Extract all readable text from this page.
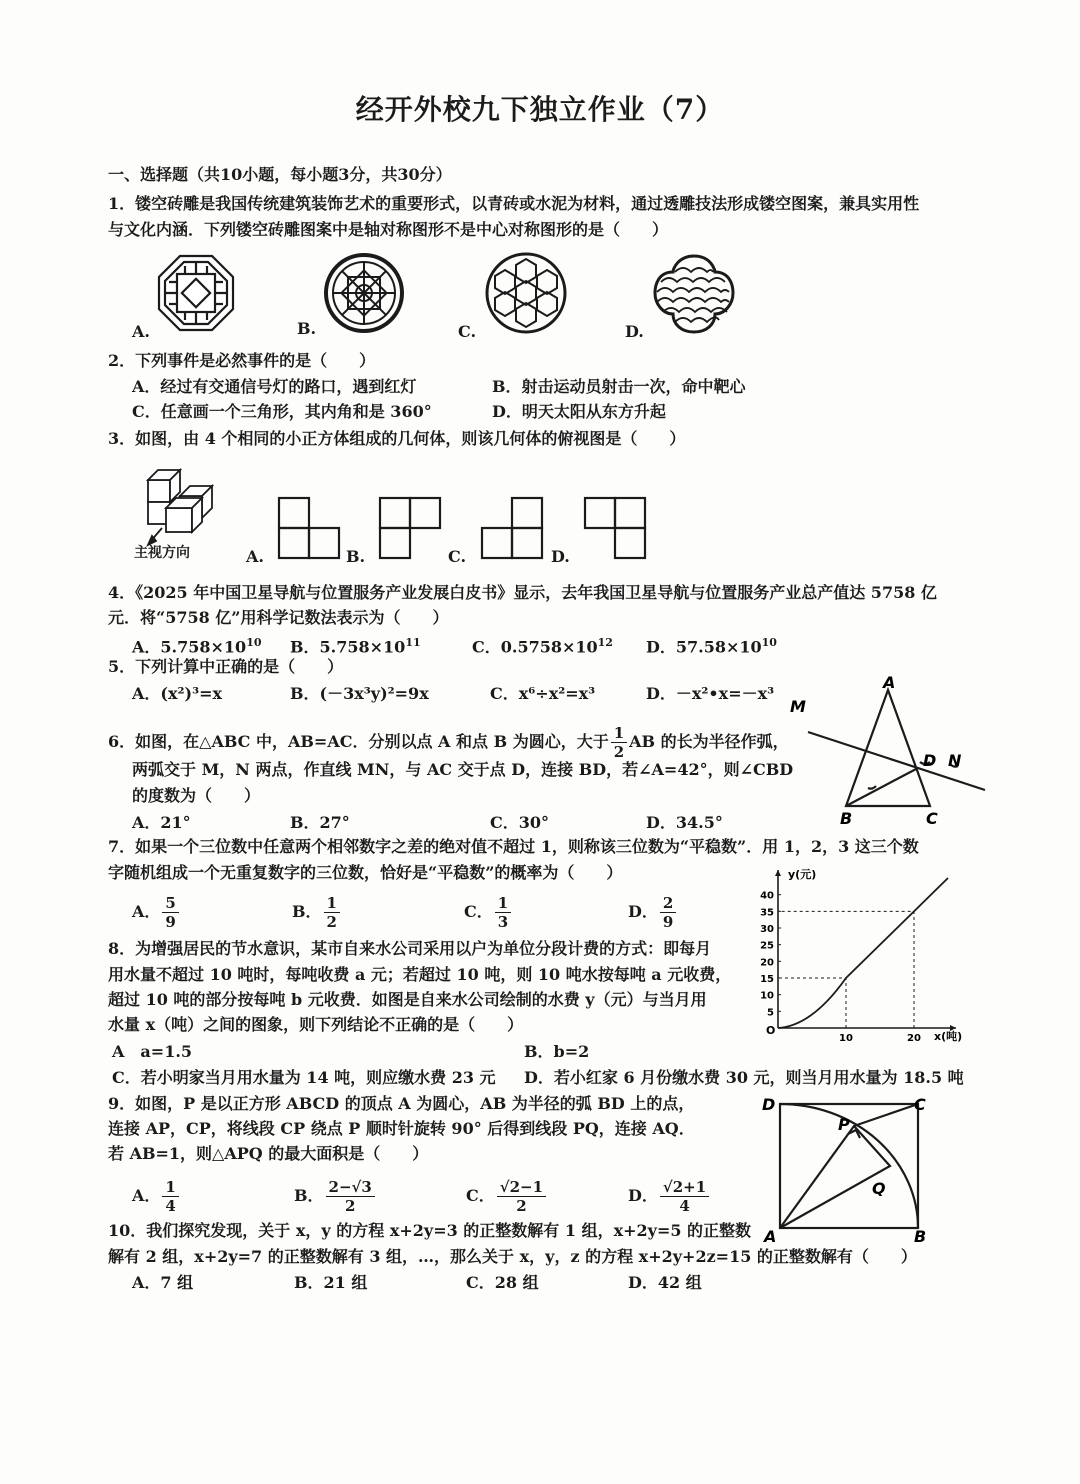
经开外校九下独立作业（7）
一、选择题（共10小题，每小题3分，共30分）
1．镂空砖雕是我国传统建筑装饰艺术的重要形式，以青砖或水泥为材料，通过透雕技法形成镂空图案，兼具实用性
与文化内涵．下列镂空砖雕图案中是轴对称图形不是中心对称图形的是（　　）
A.	B.	C.	D.
2．下列事件是必然事件的是（　　）
A．经过有交通信号灯的路口，遇到红灯	B．射击运动员射击一次，命中靶心
C．任意画一个三角形，其内角和是 360°	D．明天太阳从东方升起
3．如图，由 4 个相同的小正方体组成的几何体，则该几何体的俯视图是（　　）
主视方向	A.	B.	C.	D.
4．《2025 年中国卫星导航与位置服务产业发展白皮书》显示，去年我国卫星导航与位置服务产业总产值达 5758 亿
元．将“5758 亿”用科学记数法表示为（　　）
A．$5.758\times 10^{10}$ B．$5.758\times 10^{11}$	C．$0.5758\times 10^{12}$ D．$57.58\times 10^{10}$
5．下列计算中正确的是（　　）
A．(x²)³=x	B．(－3x³y)²=9x	C．x⁶÷x²=x³	D．－x²•x=－x³
6．如图，在△ABC 中，AB=AC．分别以点 A 和点 B 为圆心，大于 $\frac{1}{2}$ AB 的长为半径作弧，
两弧交于 M，N 两点，作直线 MN，与 AC 交于点 D，连接 BD，若∠A=42°，则∠CBD
的度数为（　　）
A．21°	B．27°	C．30°	D．34.5°
A
B	C
D
M
N
7．如果一个三位数中任意两个相邻数字之差的绝对值不超过 1，则称该三位数为“平稳数”．用 1，2，3 这三个数
字随机组成一个无重复数字的三位数，恰好是“平稳数”的概率为（　　）
A． $\frac{5}{9}$	B． $\frac{1}{2}$	C． $\frac{1}{3}$	D． $\frac{2}{9}$
8．为增强居民的节水意识，某市自来水公司采用以户为单位分段计费的方式：即每月
用水量不超过 10 吨时，每吨收费 a 元；若超过 10 吨，则 10 吨水按每吨 a 元收费，
超过 10 吨的部分按每吨 b 元收费．如图是自来水公司绘制的水费 y（元）与当月用
水量 x（吨）之间的图象，则下列结论不正确的是（　　）
A　a=1.5	B．b=2
C．若小明家当月用水量为 14 吨，则应缴水费 23 元 D．若小红家 6 月份缴水费 30 元，则当月用水量为 18.5 吨
5
10
15
20
25
30
35
40
10	20
y(元)
x(吨)
O
9．如图，P 是以正方形 ABCD 的顶点 A 为圆心，AB 为半径的弧 BD 上的点，
连接 AP，CP，将线段 CP 绕点 P 顺时针旋转 90° 后得到线段 PQ，连接 AQ．
若 AB=1，则△APQ 的最大面积是（　　）
A． $\frac{1}{4}$	B． $\frac{2-√3}{2}$	C． $\frac{√2-1}{2}$	D． $\frac{√2+1}{4}$
D	C
A	B
P
Q
10．我们探究发现，关于 x，y 的方程 x+2y=3 的正整数解有 1 组，x+2y=5 的正整数
解有 2 组，x+2y=7 的正整数解有 3 组，…，那么关于 x，y，z 的方程 x+2y+2z=15 的正整数解有（　　）
A．7 组	B．21 组	C．28 组	D．42 组
